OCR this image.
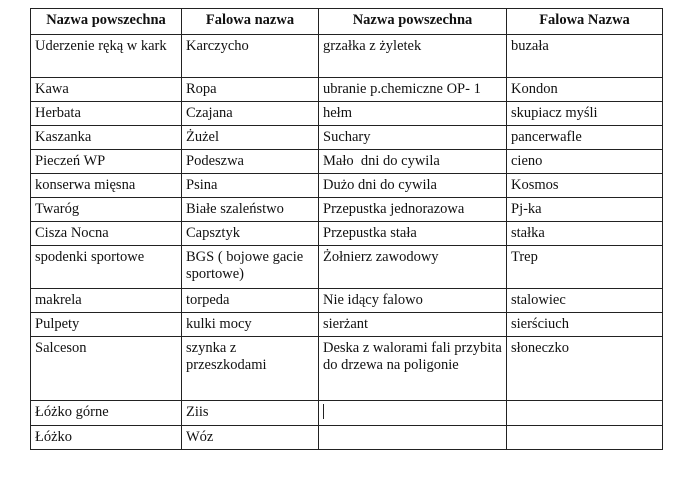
Nazwa powszechna	Falowa nazwa	Nazwa powszechna	Falowa Nazwa
Uderzenie ręką w kark	Karczycho	grzałka z żyletek	buzała
Kawa	Ropa	ubranie p.chemiczne OP- 1	Kondon
Herbata	Czajana	hełm	skupiacz myśli
Kaszanka	Żużel	Suchary	pancerwafle
Pieczeń WP	Podeszwa	Mało  dni do cywila	cieno
konserwa mięsna	Psina	Dużo dni do cywila	Kosmos
Twaróg	Białe szaleństwo	Przepustka jednorazowa	Pj-ka
Cisza Nocna	Capsztyk	Przepustka stała	stałka
spodenki sportowe	BGS ( bojowe gacie sportowe)	Żołnierz zawodowy	Trep
makrela	torpeda	Nie idący falowo	stalowiec
Pulpety	kulki mocy	sierżant	sierściuch
Salceson	szynka z przeszkodami	Deska z walorami fali przybita do drzewa na poligonie	słoneczko
Łóżko górne	Ziis		
Łóżko	Wóz		
